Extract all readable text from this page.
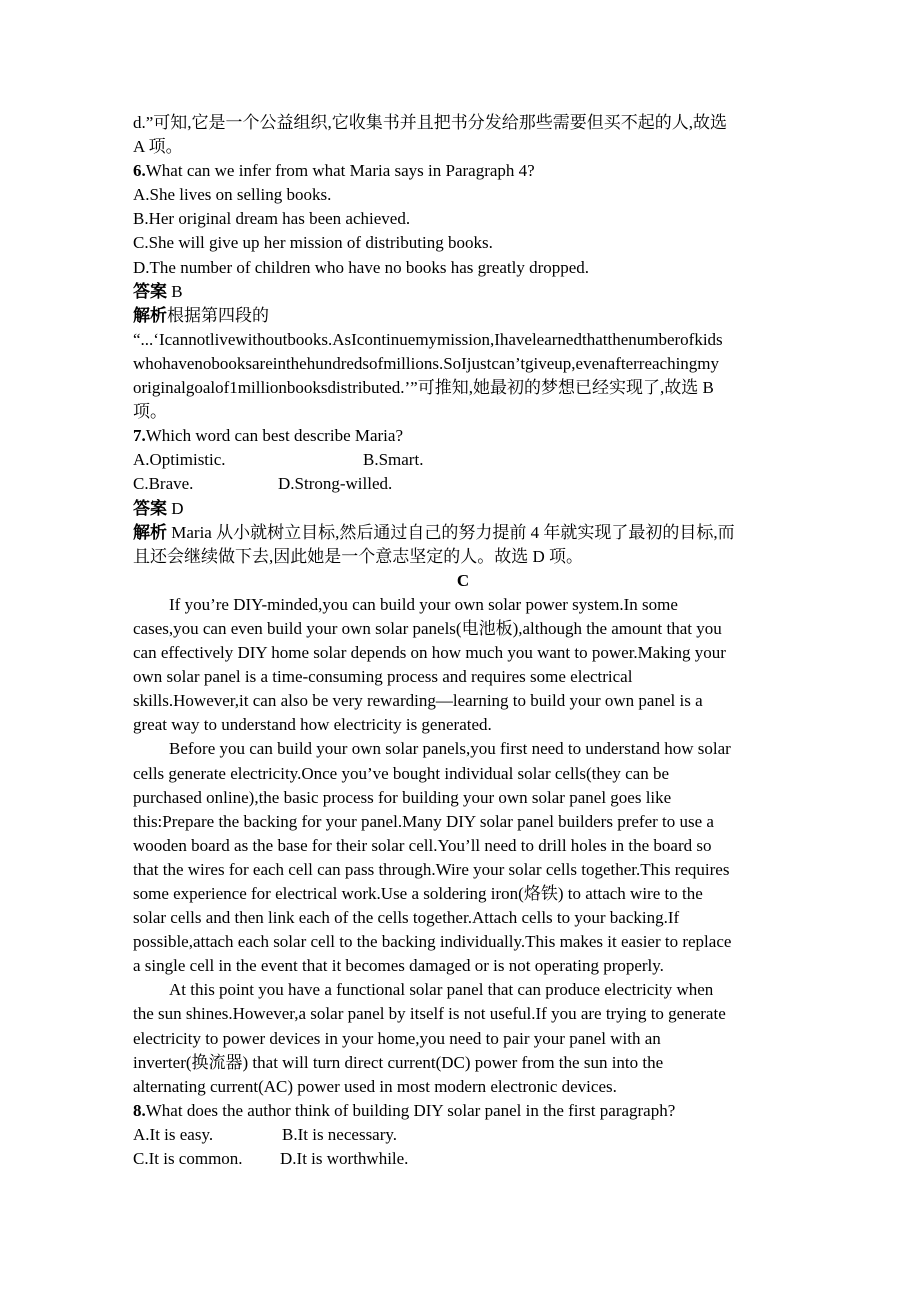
d.”可知,它是一个公益组织,它收集书并且把书分发给那些需要但买不起的人,故选
A 项。
6.What can we infer from what Maria says in Paragraph 4?
A.She lives on selling books.
B.Her original dream has been achieved.
C.She will give up her mission of distributing books.
D.The number of children who have no books has greatly dropped.
答案 B
解析根据第四段的
“...‘Icannotlivewithoutbooks.AsIcontinuemymission,Ihavelearnedthatthenumberofkids
whohavenobooksareinthehundredsofmillions.SoIjustcan’tgiveup,evenafterreachingmy
originalgoalof1millionbooksdistributed.’”可推知,她最初的梦想已经实现了,故选 B
项。
7.Which word can best describe Maria?
A.Optimistic.	B.Smart.
C.Brave.	D.Strong-willed.
答案 D
解析 Maria 从小就树立目标,然后通过自己的努力提前 4 年就实现了最初的目标,而
且还会继续做下去,因此她是一个意志坚定的人。故选 D 项。
C
If you’re DIY-minded,you can build your own solar power system.In some
cases,you can even build your own solar panels(电池板),although the amount that you
can effectively DIY home solar depends on how much you want to power.Making your
own solar panel is a time-consuming process and requires some electrical
skills.However,it can also be very rewarding—learning to build your own panel is a
great way to understand how electricity is generated.
Before you can build your own solar panels,you first need to understand how solar
cells generate electricity.Once you’ve bought individual solar cells(they can be
purchased online),the basic process for building your own solar panel goes like
this:Prepare the backing for your panel.Many DIY solar panel builders prefer to use a
wooden board as the base for their solar cell.You’ll need to drill holes in the board so
that the wires for each cell can pass through.Wire your solar cells together.This requires
some experience for electrical work.Use a soldering iron(烙铁) to attach wire to the
solar cells and then link each of the cells together.Attach cells to your backing.If
possible,attach each solar cell to the backing individually.This makes it easier to replace
a single cell in the event that it becomes damaged or is not operating properly.
At this point you have a functional solar panel that can produce electricity when
the sun shines.However,a solar panel by itself is not useful.If you are trying to generate
electricity to power devices in your home,you need to pair your panel with an
inverter(换流器) that will turn direct current(DC) power from the sun into the
alternating current(AC) power used in most modern electronic devices.
8.What does the author think of building DIY solar panel in the first paragraph?
A.It is easy.	B.It is necessary.
C.It is common. D.It is worthwhile.
